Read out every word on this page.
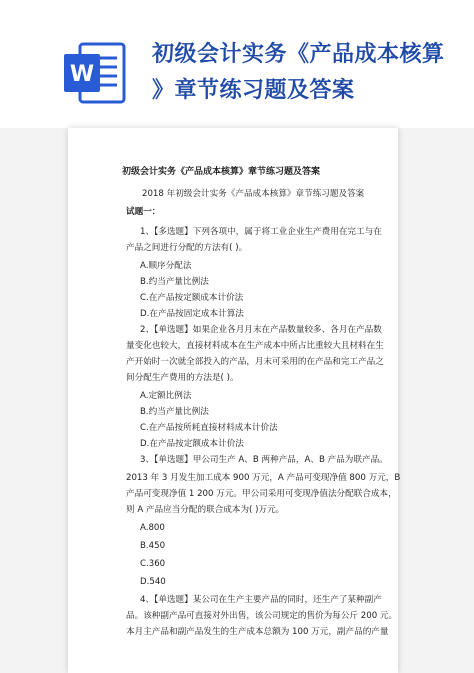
W
初级会计实务《产品成本核算
》章节练习题及答案
初级会计实务《产品成本核算》章节练习题及答案
2018 年初级会计实务《产品成本核算》章节练习题及答案
试题一：
1、【多选题】下列各项中，属于将工业企业生产费用在完工与在
产品之间进行分配的方法有( )。
A.顺序分配法
B.约当产量比例法
C.在产品按定额成本计价法
D.在产品按固定成本计算法
2、【单选题】如果企业各月月末在产品数量较多、各月在产品数
量变化也较大，直接材料成本在生产成本中所占比重较大且材料在生
产开始时一次就全部投入的产品，月末可采用的在产品和完工产品之
间分配生产费用的方法是( )。
A.定额比例法
B.约当产量比例法
C.在产品按所耗直接材料成本计价法
D.在产品按定额成本计价法
3、【单选题】甲公司生产 A、B 两种产品，A、B 产品为联产品。
2013 年 3 月发生加工成本 900 万元，A 产品可变现净值 800 万元，B
产品可变现净值 1 200 万元。甲公司采用可变现净值法分配联合成本，
则 A 产品应当分配的联合成本为( )万元。
A.800
B.450
C.360
D.540
4、【单选题】某公司在生产主要产品的同时，还生产了某种副产
品。该种副产品可直接对外出售，该公司规定的售价为每公斤 200 元。
本月主产品和副产品发生的生产成本总额为 100 万元，副产品的产量
